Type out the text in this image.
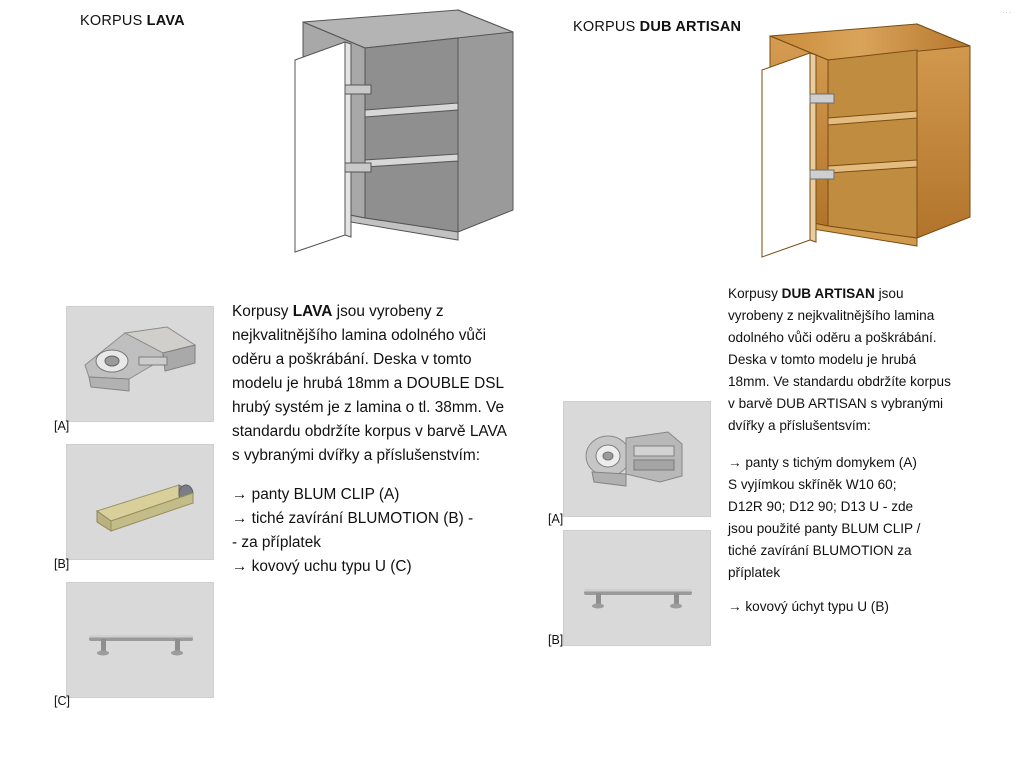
...
KORPUS LAVA	KORPUS DUB ARTISAN

Korpusy LAVA jsou vyrobeny z nejkvalitnějšího lamina odolného vůči oděru a poškrábání. Deska v tomto modelu je hrubá 18mm a DOUBLE DSL hrubý systém je z lamina o tl. 38mm. Ve standardu obdržíte korpus v barvě LAVA s vybranými dvířky a příslušenstvím:

→ panty BLUM CLIP (A)
→ tiché zavírání BLUMOTION (B) -
- za příplatek
→ kovový uchu typu U (C)

Korpusy DUB ARTISAN jsou vyrobeny z nejkvalitnějšího lamina odolného vůči oděru a poškrábání. Deska v tomto modelu je hrubá 18mm. Ve standardu obdržíte korpus v barvě DUB ARTISAN s vybranými dvířky a příslušentsvím:

→ panty s tichým domykem (A)
S vyjímkou skříněk W10 60;
D12R 90; D12 90; D13 U - zde
jsou použité panty BLUM CLIP /
tiché zavírání BLUMOTION za
příplatek
→ kovový úchyt typu U (B)
[A]
[B]
[C]
[A]
[B]
